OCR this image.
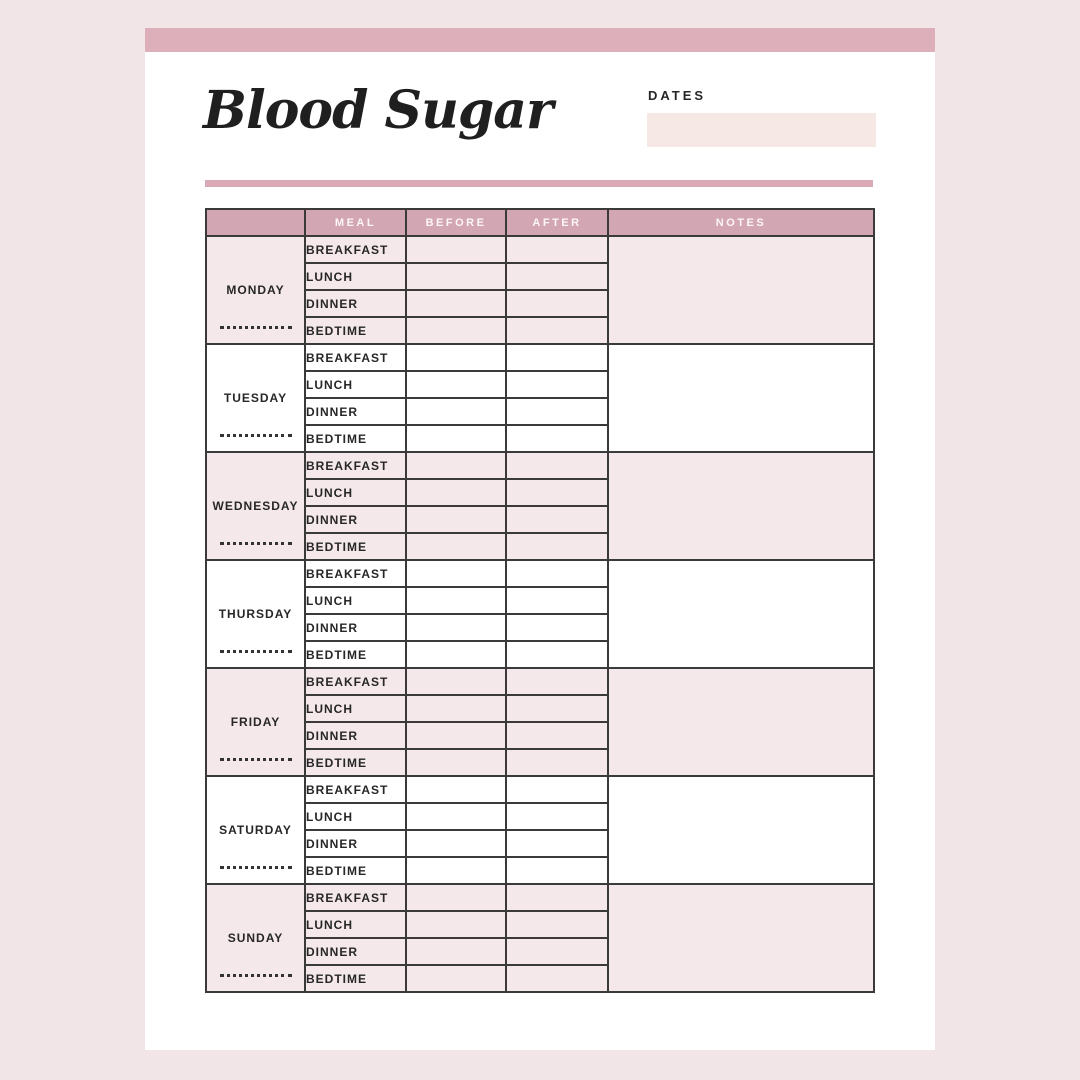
Blood Sugar	DATES
	MEAL	BEFORE	AFTER	NOTES

MONDAY	BREAKFAST			
	LUNCH			
	DINNER			
	BEDTIME			

TUESDAY	BREAKFAST			
	LUNCH			
	DINNER			
	BEDTIME			

WEDNESDAY	BREAKFAST			
	LUNCH			
	DINNER			
	BEDTIME			

THURSDAY	BREAKFAST			
	LUNCH			
	DINNER			
	BEDTIME			

FRIDAY	BREAKFAST			
	LUNCH			
	DINNER			
	BEDTIME			

SATURDAY	BREAKFAST			
	LUNCH			
	DINNER			
	BEDTIME			

SUNDAY	BREAKFAST			
	LUNCH			
	DINNER			
	BEDTIME			
